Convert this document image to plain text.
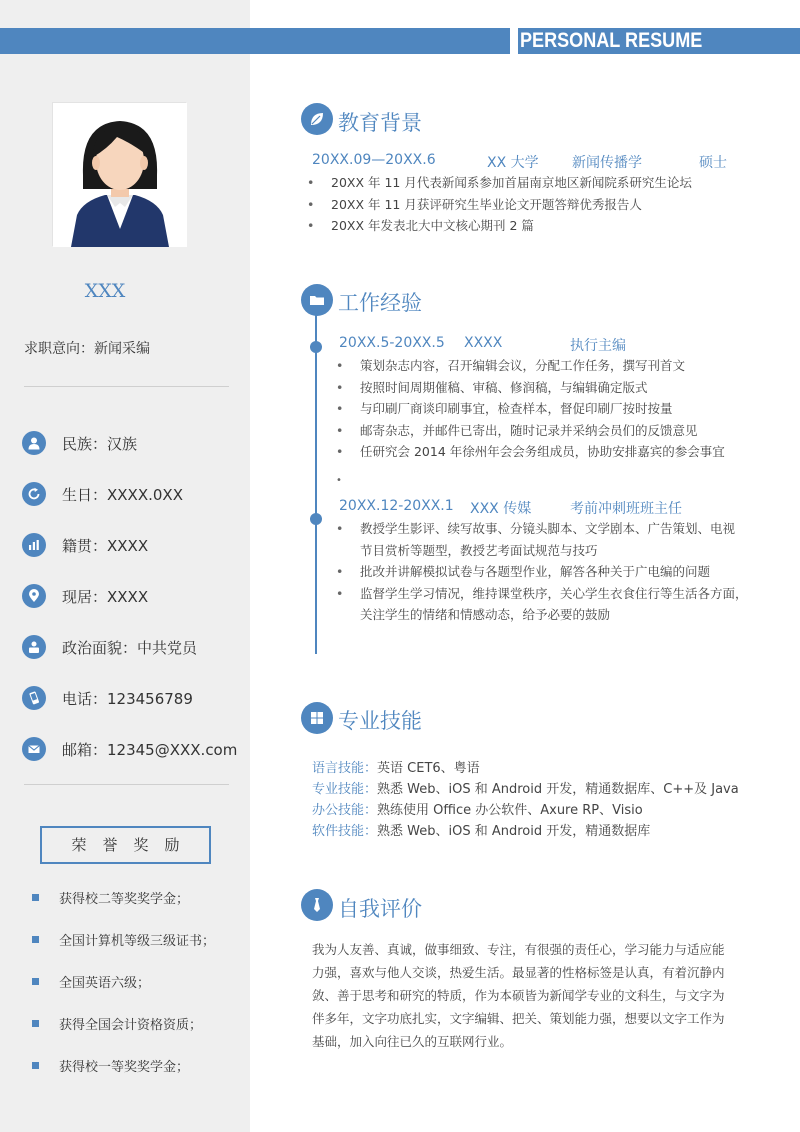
PERSONAL RESUME
XXX
求职意向：新闻采编
民族：汉族
生日：XXXX.0XX
籍贯：XXXX
现居：XXXX
政治面貌：中共党员
电话：123456789
邮箱：12345@XXX.com
荣誉奖励
获得校二等奖奖学金；
全国计算机等级三级证书；
全国英语六级；
获得全国会计资格资质；
获得校一等奖奖学金；
教育背景
20XX.09—20XX.6	XX 大学 新闻传播学	硕士
• 20XX 年 11 月代表新闻系参加首届南京地区新闻院系研究生论坛
• 20XX 年 11 月获评研究生毕业论文开题答辩优秀报告人
• 20XX 年发表北大中文核心期刊 2 篇
工作经验
20XX.5-20XX.5 XXXX	执行主编
• 策划杂志内容，召开编辑会议，分配工作任务，撰写刊首文
• 按照时间周期催稿、审稿、修润稿，与编辑确定版式
• 与印刷厂商谈印刷事宜，检查样本，督促印刷厂按时按量
• 邮寄杂志，并邮件已寄出，随时记录并采纳会员们的反馈意见
• 任研究会 2014 年徐州年会会务组成员，协助安排嘉宾的参会事宜
•
20XX.12-20XX.1 XXX 传媒	考前冲刺班班主任
• 教授学生影评、续写故事、分镜头脚本、文学剧本、广告策划、电视
节目赏析等题型，教授艺考面试规范与技巧
• 批改并讲解模拟试卷与各题型作业，解答各种关于广电编的问题
• 监督学生学习情况，维持课堂秩序，关心学生衣食住行等生活各方面，
关注学生的情绪和情感动态，给予必要的鼓励
专业技能
语言技能：英语 CET6、粤语
专业技能：熟悉 Web、iOS 和 Android 开发，精通数据库、C++及 Java
办公技能：熟练使用 Office 办公软件、Axure RP、Visio
软件技能：熟悉 Web、iOS 和 Android 开发，精通数据库
自我评价
我为人友善、真诚，做事细致、专注，有很强的责任心，学习能力与适应能
力强，喜欢与他人交谈，热爱生活。最显著的性格标签是认真，有着沉静内
敛、善于思考和研究的特质，作为本硕皆为新闻学专业的文科生，与文字为
伴多年，文字功底扎实，文字编辑、把关、策划能力强，想要以文字工作为
基础，加入向往已久的互联网行业。
